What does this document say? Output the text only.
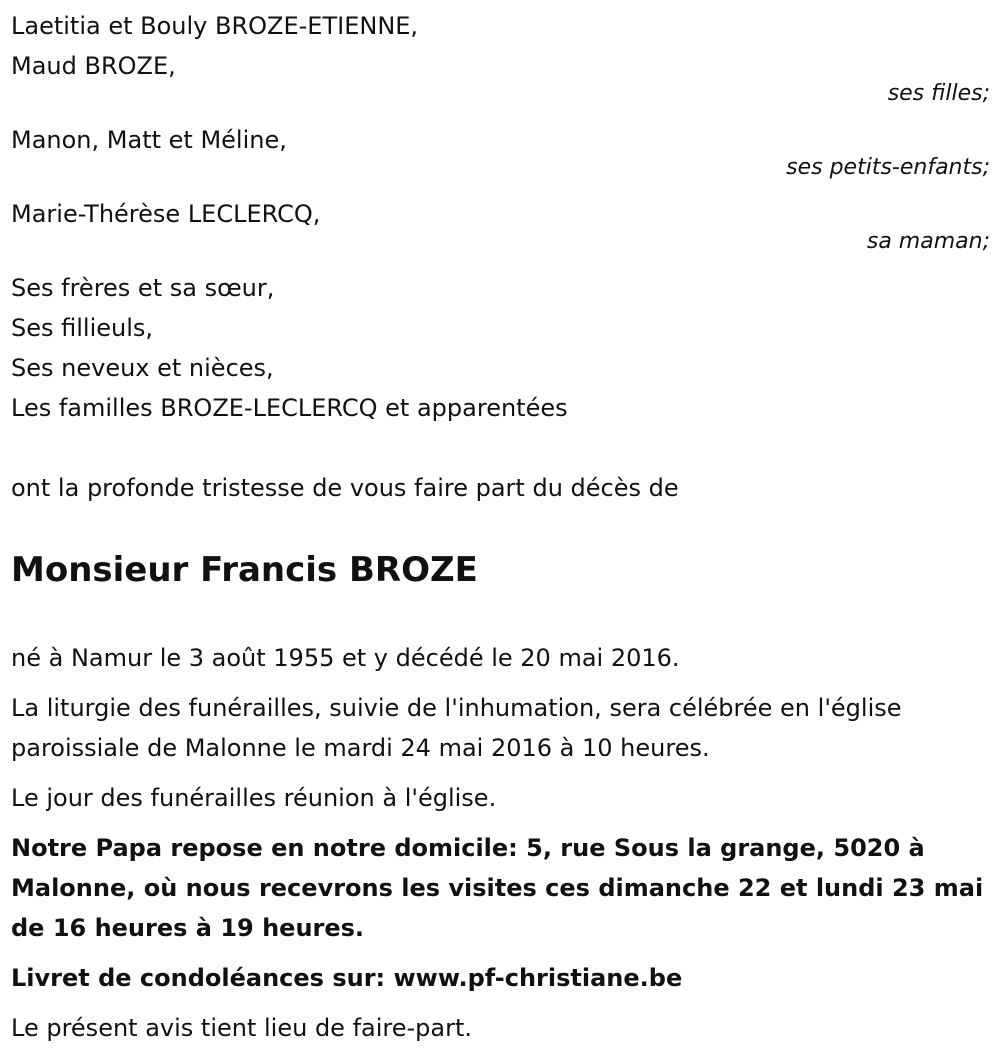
Laetitia et Bouly BROZE-ETIENNE,
Maud BROZE,
ses filles;
Manon, Matt et Méline,
ses petits-enfants;
Marie-Thérèse LECLERCQ,
sa maman;
Ses frères et sa sœur,
Ses fillieuls,
Ses neveux et nièces,
Les familles BROZE-LECLERCQ et apparentées
ont la profonde tristesse de vous faire part du décès de
Monsieur Francis BROZE
né à Namur le 3 août 1955 et y décédé le 20 mai 2016.
La liturgie des funérailles, suivie de l'inhumation, sera célébrée en l'église paroissiale de Malonne le mardi 24 mai 2016 à 10 heures.
Le jour des funérailles réunion à l'église.
Notre Papa repose en notre domicile: 5, rue Sous la grange, 5020 à Malonne, où nous recevrons les visites ces dimanche 22 et lundi 23 mai de 16 heures à 19 heures.
Livret de condoléances sur: www.pf-christiane.be
Le présent avis tient lieu de faire-part.
